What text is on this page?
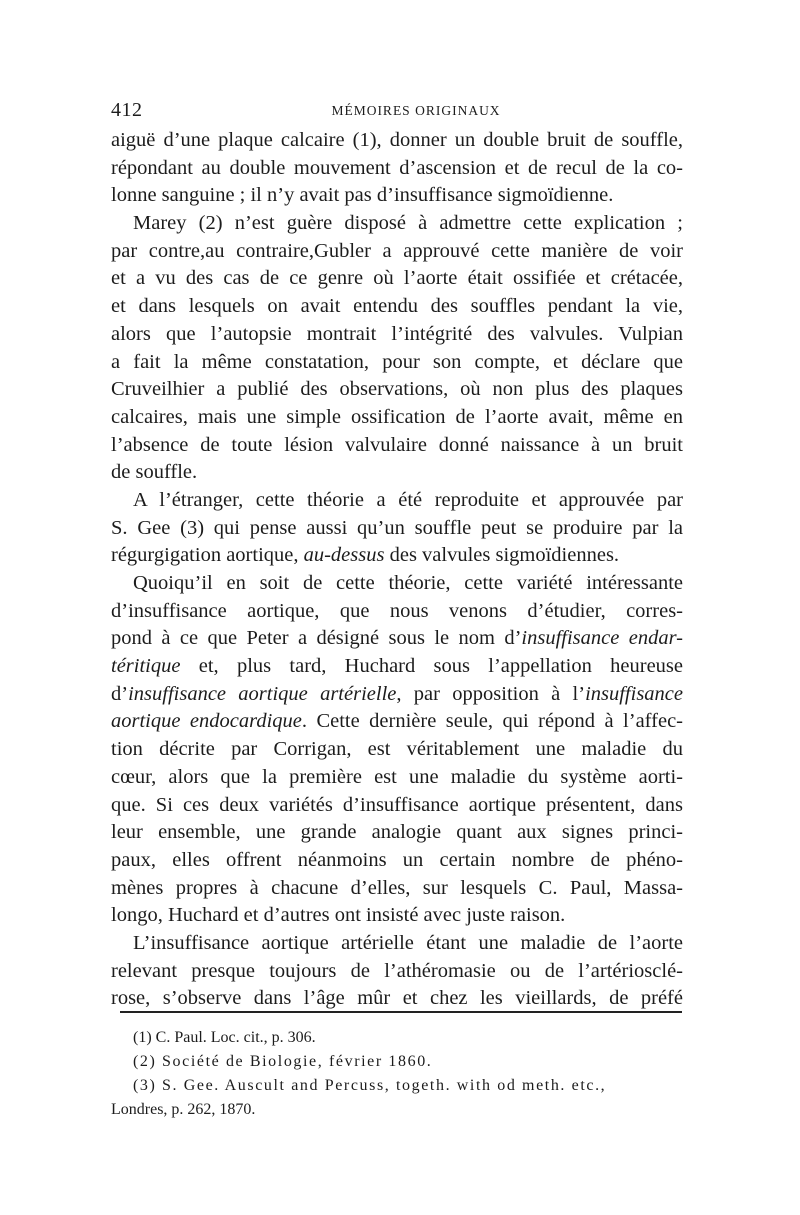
412	MÉMOIRES ORIGINAUX
aiguë d’une plaque calcaire (1), donner un double bruit de souffle,
répondant au double mouvement d’ascension et de recul de la co-
lonne sanguine ; il n’y avait pas d’insuffisance sigmoïdienne.
Marey (2) n’est guère disposé à admettre cette explication ;
par contre,au contraire,Gubler a approuvé cette manière de voir
et a vu des cas de ce genre où l’aorte était ossifiée et crétacée,
et dans lesquels on avait entendu des souffles pendant la vie,
alors que l’autopsie montrait l’intégrité des valvules. Vulpian
a fait la même constatation, pour son compte, et déclare que
Cruveilhier a publié des observations, où non plus des plaques
calcaires, mais une simple ossification de l’aorte avait, même en
l’absence de toute lésion valvulaire donné naissance à un bruit
de souffle.
A l’étranger, cette théorie a été reproduite et approuvée par
S. Gee (3) qui pense aussi qu’un souffle peut se produire par la
régurgigation aortique, au-dessus des valvules sigmoïdiennes.
Quoiqu’il en soit de cette théorie, cette variété intéressante
d’insuffisance aortique, que nous venons d’étudier, corres-
pond à ce que Peter a désigné sous le nom d’insuffisance endar-
téritique et, plus tard, Huchard sous l’appellation heureuse
d’insuffisance aortique artérielle, par opposition à l’insuffisance
aortique endocardique. Cette dernière seule, qui répond à l’affec-
tion décrite par Corrigan, est véritablement une maladie du
cœur, alors que la première est une maladie du système aorti-
que. Si ces deux variétés d’insuffisance aortique présentent, dans
leur ensemble, une grande analogie quant aux signes princi-
paux, elles offrent néanmoins un certain nombre de phéno-
mènes propres à chacune d’elles, sur lesquels C. Paul, Massa-
longo, Huchard et d’autres ont insisté avec juste raison.
L’insuffisance aortique artérielle étant une maladie de l’aorte
relevant presque toujours de l’athéromasie ou de l’artériosclé-
rose, s’observe dans l’âge mûr et chez les vieillards, de préfé
(1) C. Paul. Loc. cit., p. 306.
(2) Société de Biologie, février 1860.
(3) S. Gee. Auscult and Percuss, togeth. with od meth. etc.,
Londres, p. 262, 1870.
